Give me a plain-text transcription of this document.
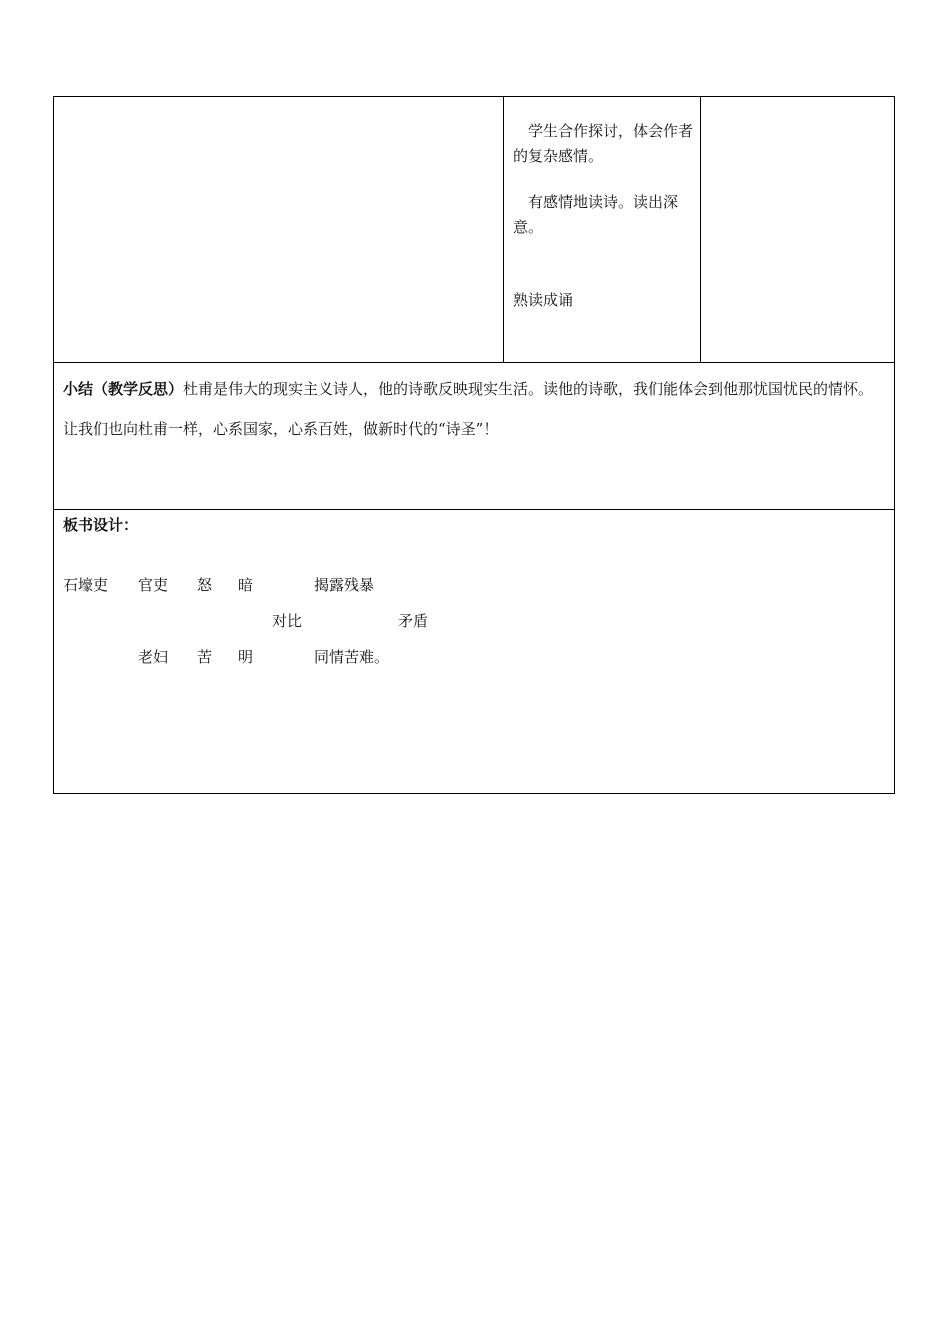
学生合作探讨，体会作者的复杂感情。
有感情地读诗。读出深意。
熟读成诵
小结（教学反思）杜甫是伟大的现实主义诗人，他的诗歌反映现实生活。读他的诗歌，我们能体会到他那忧国忧民的情怀。让我们也向杜甫一样，心系国家，心系百姓，做新时代的“诗圣”！
板书设计：
石壕吏 官吏 怒 暗	揭露残暴
对比	矛盾
老妇 苦 明	同情苦难。
